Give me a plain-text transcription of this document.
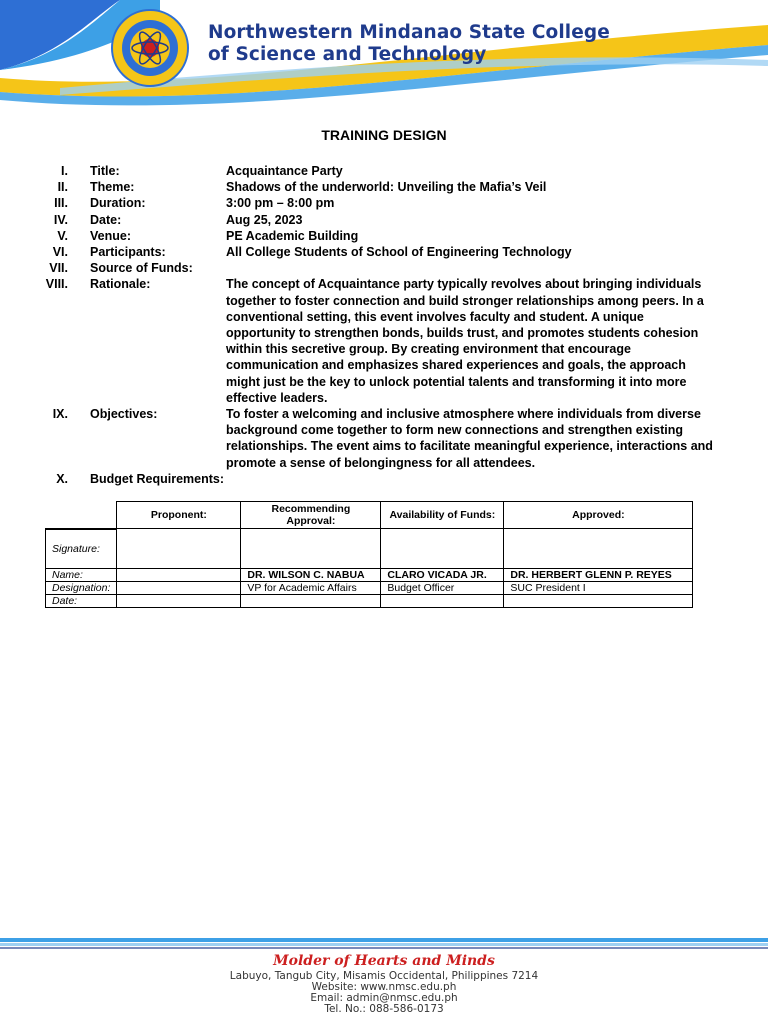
Northwestern Mindanao State College
of Science and Technology
TRAINING DESIGN
I. Title:	Acquaintance Party
II. Theme:	Shadows of the underworld: Unveiling the Mafia’s Veil
III. Duration:	3:00 pm – 8:00 pm
IV. Date:	Aug 25, 2023
V. Venue:	PE Academic Building
VI. Participants:	All College Students of School of Engineering Technology
VII. Source of Funds:
VIII. Rationale:	The concept of Acquaintance party typically revolves about bringing individuals together to foster connection and build stronger relationships among peers. In a conventional setting, this event involves faculty and student. A unique opportunity to strengthen bonds, builds trust, and promotes students cohesion within this secretive group. By creating environment that encourage communication and emphasizes shared experiences and goals, the approach might just be the key to unlock potential talents and transforming it into more effective leaders.
IX. Objectives:	To foster a welcoming and inclusive atmosphere where individuals from diverse background come together to form new connections and strengthen existing relationships. The event aims to facilitate meaningful experience, interactions and promote a sense of belongingness for all attendees.
X. Budget Requirements:
	Proponent:	Recommending Approval:	Availability of Funds:	Approved:
Signature:				
Name:		DR. WILSON C. NABUA	CLARO VICADA JR.	DR. HERBERT GLENN P. REYES
Designation:		VP for Academic Affairs	Budget Officer	SUC President I
Date:				
Molder of Hearts and Minds
Labuyo, Tangub City, Misamis Occidental, Philippines 7214
Website: www.nmsc.edu.ph
Email: admin@nmsc.edu.ph
Tel. No.: 088-586-0173
